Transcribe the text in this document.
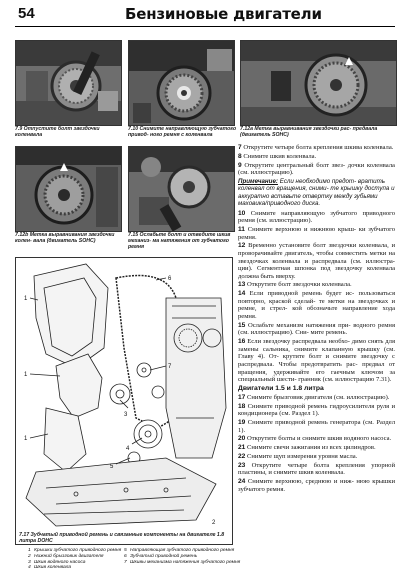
54	Бензиновые двигатели
7.9 Отпустите болт звездочки коленвала
7.10 Снимите направляющую зубчатого привод- ного ремня с коленвала
7.12a Метка выравнивания звездочки рас- предвала (двигатель SOHC)
7.12b Метка выравнивания звездочки колен- вала (двигатель SOHC)
7.15 Ослабьте болт и отведите шкив механиз- ма натяжения от зубчатого ремня

7 Открутите четыре болта крепления шкива коленвала.

8 Снимите шкив коленвала.

9 Открутите центральный болт звез- дочки коленвала (см. иллюстрацию).

Примечание: Если необходимо предот- вратить коленвал от вращения, сними- те крышку доступа и аккуратно вставьте отвертку между зубьями маховика/приводного диска.

10 Снимите направляющую зубчатого приводного ремня (см. иллюстрацию).

11 Снимите верхнюю и нижнюю крыш- ки зубчатого ремня.

12 Временно установите болт звездочки коленвала, и проворачивайте двигатель, чтобы совместить метки на звездочках коленвала и распредвала (см. иллюстра- ции). Сегментная шпонка под звездочку коленвала должна быть вверху.

13 Открутите болт звездочки коленвала.

14 Если приводной ремень будет ис- пользоваться повторно, краской сделай- те метки на звездочках и ремне, и стрел- кой обозначьте направление хода ремня.

15 Ослабьте механизм натяжения при- водного ремня (см. иллюстрацию). Сни- мите ремень.

16 Если звездочку распредвала необхо- димо снять для замены сальника, снимите клапанную крышку (см. Главу 4). От- крутите болт и снимите звездочку с распредвала. Чтобы предотвратить рас- предвал от вращения, удерживайте его гаечным ключом за специальный шести- гранник (см. иллюстрацию 7.31).

Двигатели 1.5 и 1.8 литра

17 Снимите брызговик двигателя (см. иллюстрацию).

18 Снимите приводной ремень гидроусилителя руля и кондиционера (см. Раздел 1).

19 Снимите приводной ремень генератора (см. Раздел 1).

20 Открутите болты и снимите шкив водяного насоса.

21 Снимите свечи зажигания из всех цилиндров.

22 Снимите щуп измерения уровня масла.

23 Открутите четыре болта крепления упорной пластины, и снимите шкив коленвала.

24 Снимите верхнюю, среднюю и ниж- нюю крышки зубчатого ремня.

1
1
1
3
4
5
7
6
2
7.17 Зубчатый приводной ремень и связанные компоненты на двигателе 1.8 литра DOHC
1 Крышки зубчатого приводного ремня
2 Нижний брызговик двигателя
3 Шкив водяного насоса
4 Шкив коленвала
5 Направляющая зубчатого приводного ремня
6 Зубчатый приводной ремень
7 Шкивы механизма натяжения зубчатого ремня
